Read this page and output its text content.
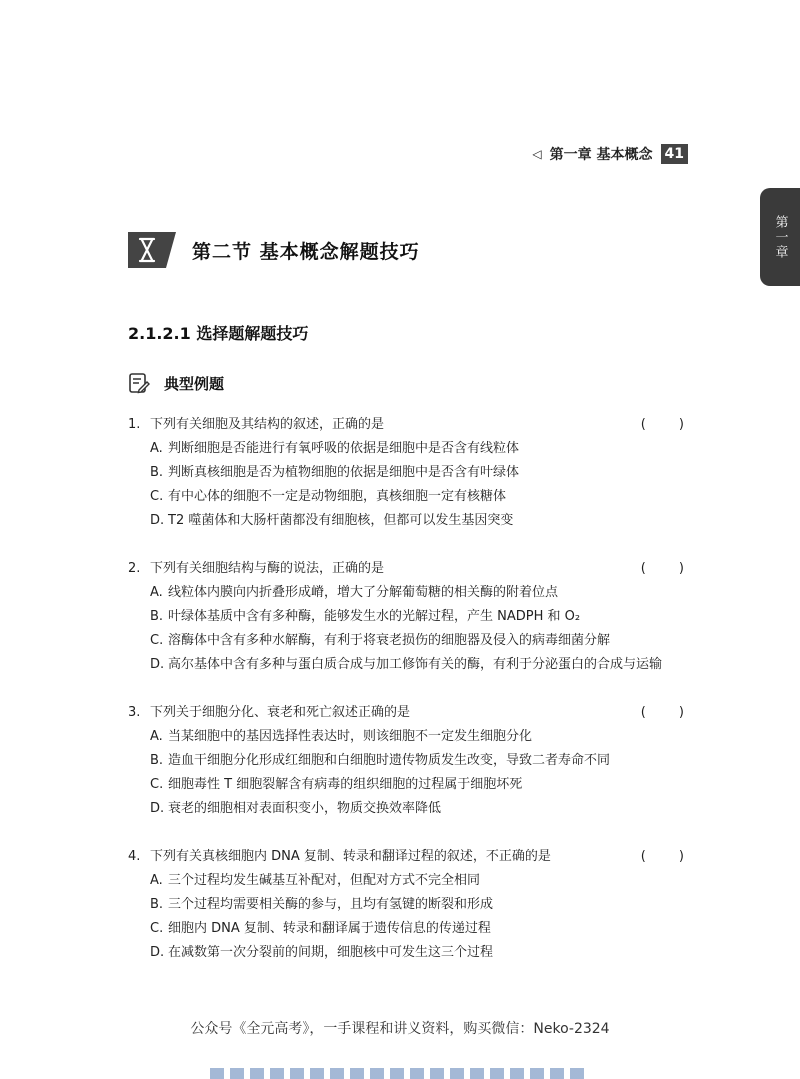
◁ 第一章 基本概念 41
第一章
第二节 基本概念解题技巧
2.1.2.1 选择题解题技巧
典型例题
1. 下列有关细胞及其结构的叙述，正确的是	(        )
A. 判断细胞是否能进行有氧呼吸的依据是细胞中是否含有线粒体
B. 判断真核细胞是否为植物细胞的依据是细胞中是否含有叶绿体
C. 有中心体的细胞不一定是动物细胞，真核细胞一定有核糖体
D. T2 噬菌体和大肠杆菌都没有细胞核，但都可以发生基因突变
2. 下列有关细胞结构与酶的说法，正确的是	(        )
A. 线粒体内膜向内折叠形成嵴，增大了分解葡萄糖的相关酶的附着位点
B. 叶绿体基质中含有多种酶，能够发生水的光解过程，产生 NADPH 和 O₂
C. 溶酶体中含有多种水解酶，有利于将衰老损伤的细胞器及侵入的病毒细菌分解
D. 高尔基体中含有多种与蛋白质合成与加工修饰有关的酶，有利于分泌蛋白的合成与运输
3. 下列关于细胞分化、衰老和死亡叙述正确的是	(        )
A. 当某细胞中的基因选择性表达时，则该细胞不一定发生细胞分化
B. 造血干细胞分化形成红细胞和白细胞时遗传物质发生改变，导致二者寿命不同
C. 细胞毒性 T 细胞裂解含有病毒的组织细胞的过程属于细胞坏死
D. 衰老的细胞相对表面积变小，物质交换效率降低
4. 下列有关真核细胞内 DNA 复制、转录和翻译过程的叙述，不正确的是	(        )
A. 三个过程均发生碱基互补配对，但配对方式不完全相同
B. 三个过程均需要相关酶的参与，且均有氢键的断裂和形成
C. 细胞内 DNA 复制、转录和翻译属于遗传信息的传递过程
D. 在减数第一次分裂前的间期，细胞核中可发生这三个过程
公众号《全元高考》，一手课程和讲义资料，购买微信：Neko-2324
